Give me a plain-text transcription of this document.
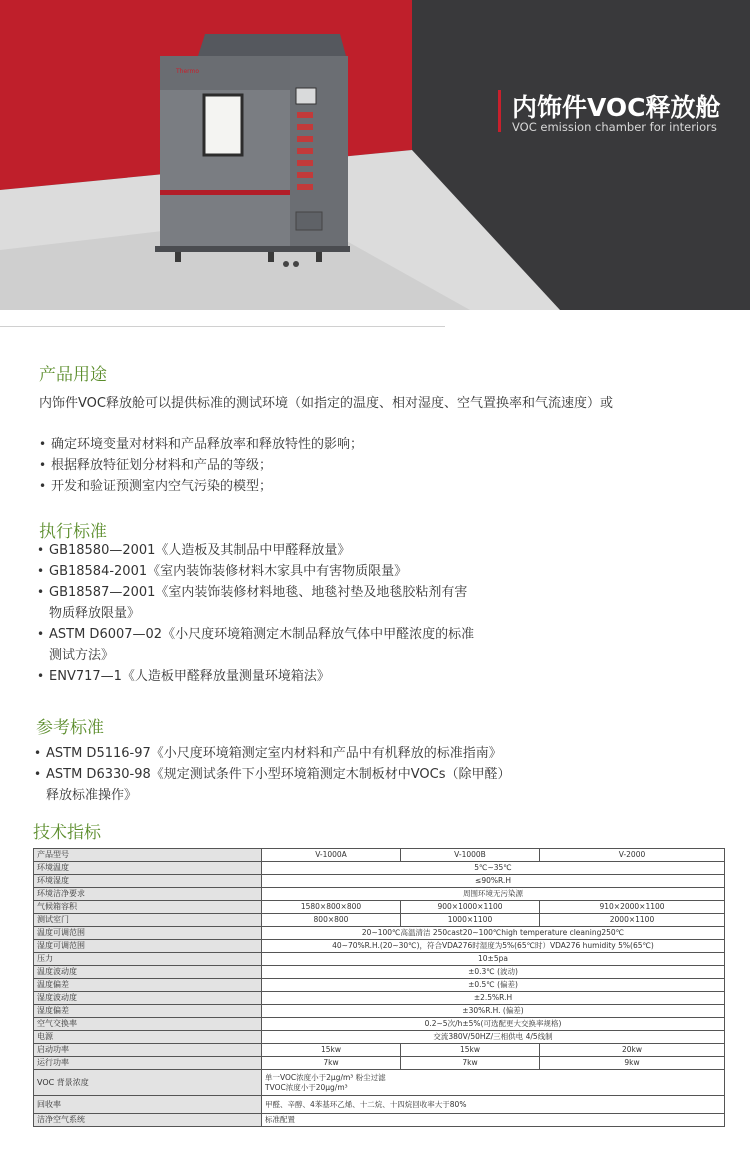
Thermo
内饰件VOC释放舱
VOC emission chamber for interiors
产品用途
内饰件VOC释放舱可以提供标准的测试环境（如指定的温度、相对湿度、空气置换率和气流速度）或
• 确定环境变量对材料和产品释放率和释放特性的影响；
• 根据释放特征划分材料和产品的等级；
• 开发和验证预测室内空气污染的模型；
执行标准
• GB18580—2001《人造板及其制品中甲醛释放量》
• GB18584-2001《室内装饰装修材料木家具中有害物质限量》
• GB18587—2001《室内装饰装修材料地毯、地毯衬垫及地毯胶粘剂有害
物质释放限量》
• ASTM D6007—02《小尺度环境箱测定木制品释放气体中甲醛浓度的标准
测试方法》
• ENV717—1《人造板甲醛释放量测量环境箱法》
参考标准
• ASTM D5116-97《小尺度环境箱测定室内材料和产品中有机释放的标准指南》
• ASTM D6330-98《规定测试条件下小型环境箱测定木制板材中VOCs（除甲醛）
释放标准操作》
技术指标
产品型号	V-1000A	V-1000B	V-2000
环境温度	5℃~35℃		
环境湿度	≤90%R.H		
环境洁净要求	周围环境无污染源		
气候箱容积	1580×800×800	900×1000×1100	910×2000×1100
测试室门	800×800	1000×1100	2000×1100
温度可调范围	20~100℃高温清洁 250cast20~100℃high temperature cleaning250℃		
湿度可调范围	40~70%R.H.(20~30℃)，符合VDA276时湿度为5%(65℃时）VDA276 humidity 5%(65℃)		
压力	10±5pa		
温度波动度	±0.3℃ (波动)		
温度偏差	±0.5℃ (偏差)		
湿度波动度	±2.5%R.H		
湿度偏差	±30%R.H. (偏差)		
空气交换率	0.2~5次/h±5%(可选配更大交换率规格)		
电源	交流380V/50HZ/三相供电 4/5线制		
启动功率	15kw	15kw	20kw
运行功率	7kw	7kw	9kw
VOC 背景浓度	单一VOC浓度小于2μg/m³ 粉尘过滤
TVOC浓度小于20μg/m³		

回收率	甲醛、辛醇、4苯基环乙烯、十二烷、十四烷回收率大于80%		
洁净空气系统	标准配置		
